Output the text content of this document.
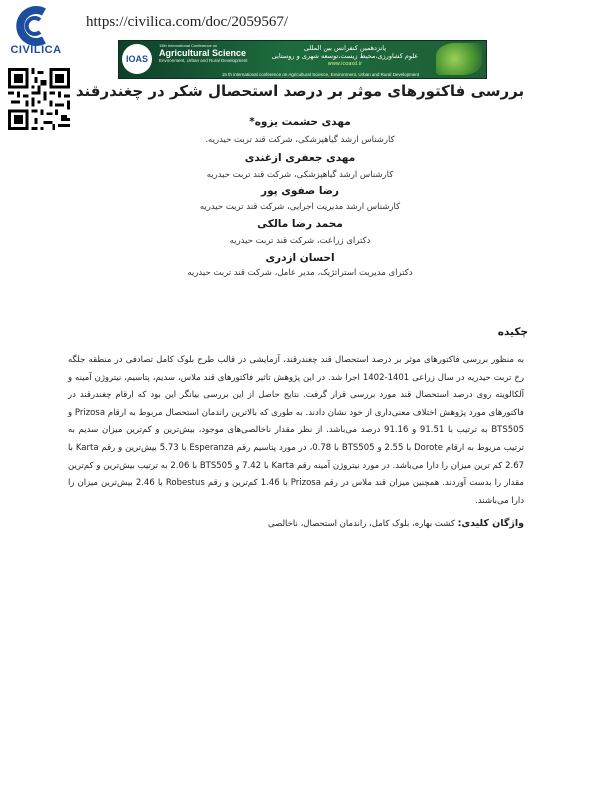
CIVILICA
https://civilica.com/doc/2059567/
IOAS
15th International Conference on
Agricultural Science
Environment, Urban and Rural Development
پانزدهمین کنفرانس بین المللی
علوم کشاورزی،محیط زیست،توسعه شهری و روستایی
www.icoasd.ir
15 th international conference on Agricultural Science, Environment, Urban and Rural Development
بررسی فاکتورهای موثر بر درصد استحصال شکر در چغندرقند
مهدی حشمت یزوه*
کارشناس ارشد گیاهپزشکی، شرکت قند تربت حیدریه.
مهدی جعفری ازغندی
کارشناس ارشد گیاهپزشکی، شرکت قند تربت حیدریه
رضا صفوی پور
کارشناس ارشد مدیریت اجرایی، شرکت قند تربت حیدریه
محمد رضا مالکی
دکترای زراعت، شرکت قند تربت حیدریه
احسان ازدری
دکترای مدیریت استراتژیک، مدیر عامل، شرکت قند تربت حیدریه
چکیده
به منظور بررسی فاکتورهای موثر بر درصد استحصال قند چغندرقند، آزمایشی در قالب طرح بلوک کامل تصادفی در منطقه جلگه رخ تربت حیدریه در سال زراعی 1401-1402 اجرا شد. در این پژوهش تاثیر فاکتورهای قند ملاس، سدیم، پتاسیم، نیتروژن آمینه و آلکالویته روی درصد استحصال قند مورد بررسی قرار گرفت. نتایج حاصل از این بررسی بیانگر این بود که ارقام چغندرقند در فاکتورهای مورد پژوهش اختلاف معنی‌داری از خود نشان دادند. به طوری که بالاترین راندمان استحصال مربوط به ارقام Prizosa و BTS505 به ترتیب با 91.51 و 91.16 درصد می‌باشد. از نظر مقدار ناخالصی‌های موجود، بیش‌ترین و کم‌ترین میزان سدیم به ترتیب مربوط به ارقام Dorote با 2.55 و BTS505 با 0.78، در مورد پتاسیم رقم Esperanza با 5.73 بیش‌ترین و رقم Karta با 2.67 کم ترین میزان را دارا می‌باشد. در مورد نیتروژن آمینه رقم Karta با 7.42 و BTS505 با 2.06 به ترتیب بیش‌ترین و کم‌ترین مقدار را بدست آوردند. همچنین میزان قند ملاس در رقم Prizosa با 1.46 کم‌ترین و رقم Robestus با 2.46 بیش‌ترین میزان را دارا می‌باشند.
واژگان کلیدی: کشت بهاره، بلوک کامل، راندمان استحصال، ناخالصی
